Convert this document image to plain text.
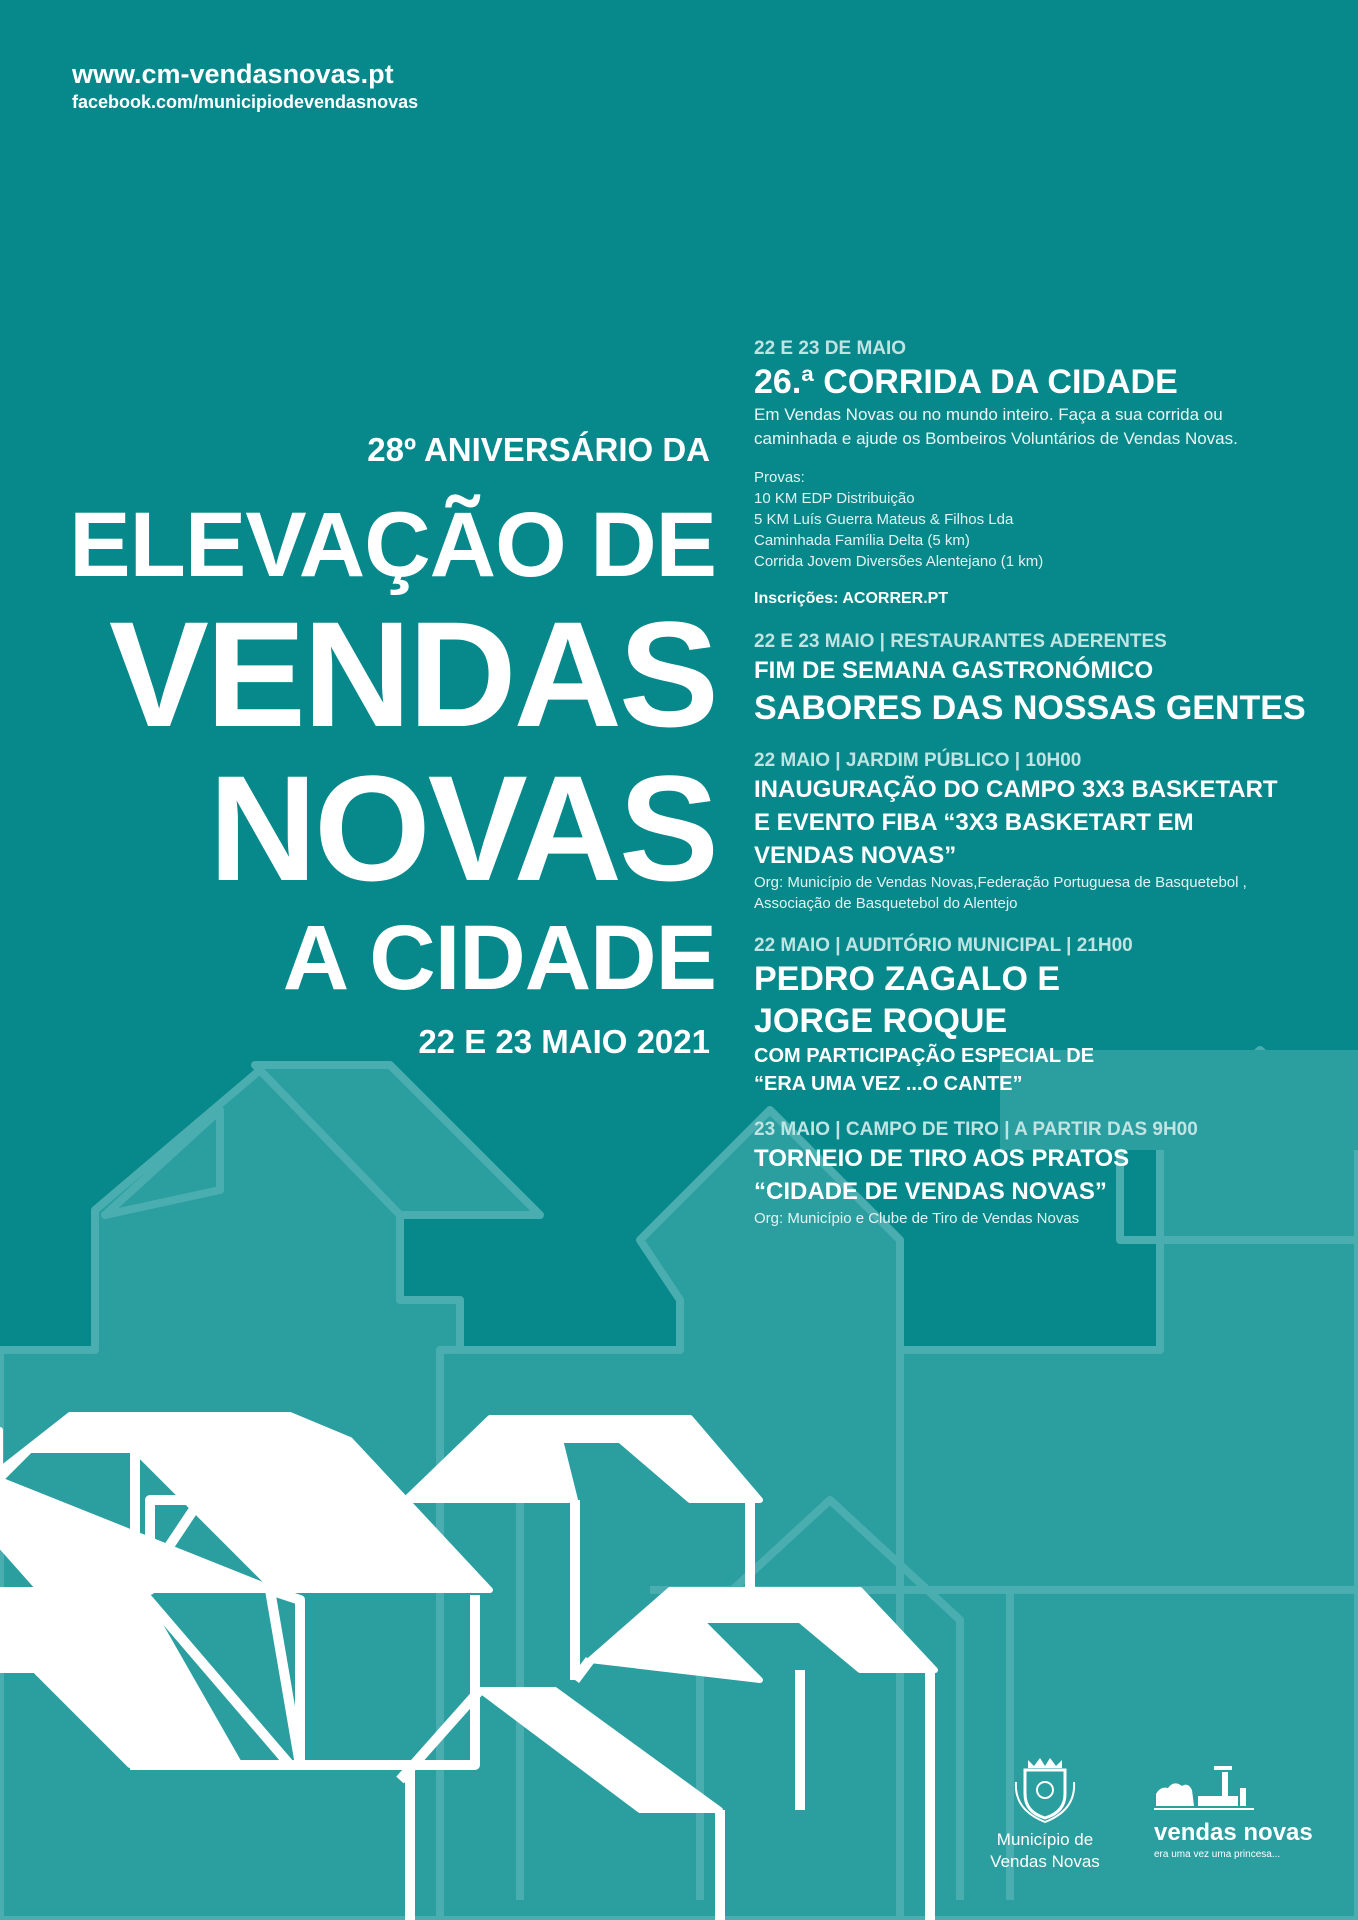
www.cm-vendasnovas.pt
facebook.com/municipiodevendasnovas
28º ANIVERSÁRIO DA
ELEVAÇÃO DE
VENDAS
NOVAS
A CIDADE
22 E 23 MAIO 2021
22 E 23 DE MAIO
26.ª CORRIDA DA CIDADE
Em Vendas Novas ou no mundo inteiro. Faça a sua corrida ou
caminhada e ajude os Bombeiros Voluntários de Vendas Novas.
Provas:
10 KM EDP Distribuição
5 KM Luís Guerra Mateus & Filhos Lda
Caminhada Família Delta (5 km)
Corrida Jovem Diversões Alentejano (1 km)
Inscrições: ACORRER.PT
22 E 23 MAIO | RESTAURANTES ADERENTES
FIM DE SEMANA GASTRONÓMICO
SABORES DAS NOSSAS GENTES
22 MAIO | JARDIM PÚBLICO | 10H00
INAUGURAÇÃO DO CAMPO 3X3 BASKETART
E EVENTO FIBA “3X3 BASKETART EM
VENDAS NOVAS”
Org: Município de Vendas Novas,Federação Portuguesa de Basquetebol ,
Associação de Basquetebol do Alentejo
22 MAIO | AUDITÓRIO MUNICIPAL | 21H00
PEDRO ZAGALO E
JORGE ROQUE
COM PARTICIPAÇÃO ESPECIAL DE
“ERA UMA VEZ ...O CANTE”
23 MAIO | CAMPO DE TIRO | A PARTIR DAS 9H00
TORNEIO DE TIRO AOS PRATOS
“CIDADE DE VENDAS NOVAS”
Org: Município e Clube de Tiro de Vendas Novas
Município de
Vendas Novas
vendas novas
era uma vez uma princesa...
